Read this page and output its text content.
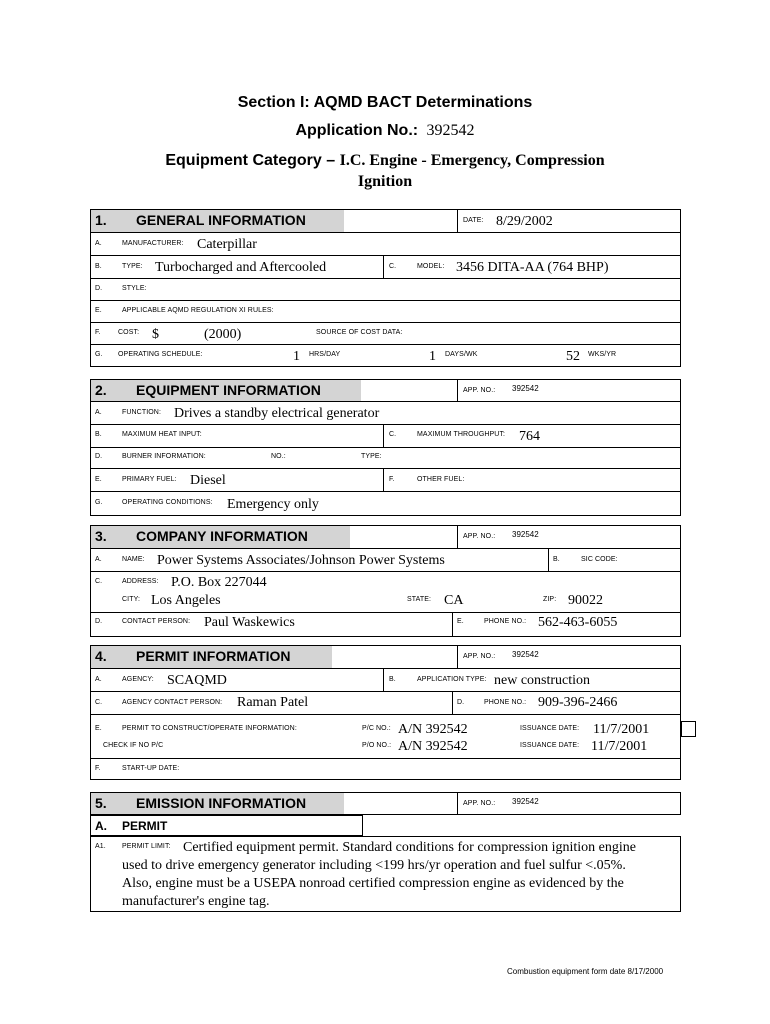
Section I: AQMD BACT Determinations
Application No.: 392542
Equipment Category – I.C. Engine - Emergency, Compression
Ignition
1. GENERAL INFORMATION	DATE: 8/29/2002
A.	MANUFACTURER: Caterpillar
B.	TYPE: Turbocharged and Aftercooled	C.	MODEL: 3456 DITA-AA (764 BHP)
D.	STYLE:
E.	APPLICABLE AQMD REGULATION XI RULES:
F. COST: $	(2000)	SOURCE OF COST DATA:
G. OPERATING SCHEDULE:	1 HRS/DAY	1 DAYS/WK	52 WKS/YR
2. EQUIPMENT INFORMATION	APP. NO.: 392542
A.	FUNCTION: Drives a standby electrical generator
B.	MAXIMUM HEAT INPUT:	C.	MAXIMUM THROUGHPUT: 764
D.	BURNER INFORMATION:	NO.:	TYPE:
E.	PRIMARY FUEL: Diesel	F.	OTHER FUEL:
G.	OPERATING CONDITIONS: Emergency only
3. COMPANY INFORMATION	APP. NO.: 392542
A.	NAME: Power Systems Associates/Johnson Power Systems	B.	SIC CODE:
C.	ADDRESS: P.O. Box 227044
CITY: Los Angeles	STATE: CA	ZIP: 90022
D.	CONTACT PERSON: Paul Waskewics	E.	PHONE NO.: 562-463-6055
4. PERMIT INFORMATION	APP. NO.: 392542
A.	AGENCY: SCAQMD	B.	APPLICATION TYPE: new construction
C.	AGENCY CONTACT PERSON: Raman Patel	D.	PHONE NO.: 909-396-2466
E.	PERMIT TO CONSTRUCT/OPERATE INFORMATION:	P/C NO.: A/N 392542	ISSUANCE DATE: 11/7/2001
CHECK IF NO P/C	P/O NO.: A/N 392542	ISSUANCE DATE: 11/7/2001
F.	START-UP DATE:
5. EMISSION INFORMATION	APP. NO.: 392542
A. PERMIT
A1. PERMIT LIMIT: Certified equipment permit. Standard conditions for compression ignition engine
used to drive emergency generator including <199 hrs/yr operation and fuel sulfur <.05%.
Also, engine must be a USEPA nonroad certified compression engine as evidenced by the
manufacturer's engine tag.
Combustion equipment form date 8/17/2000
